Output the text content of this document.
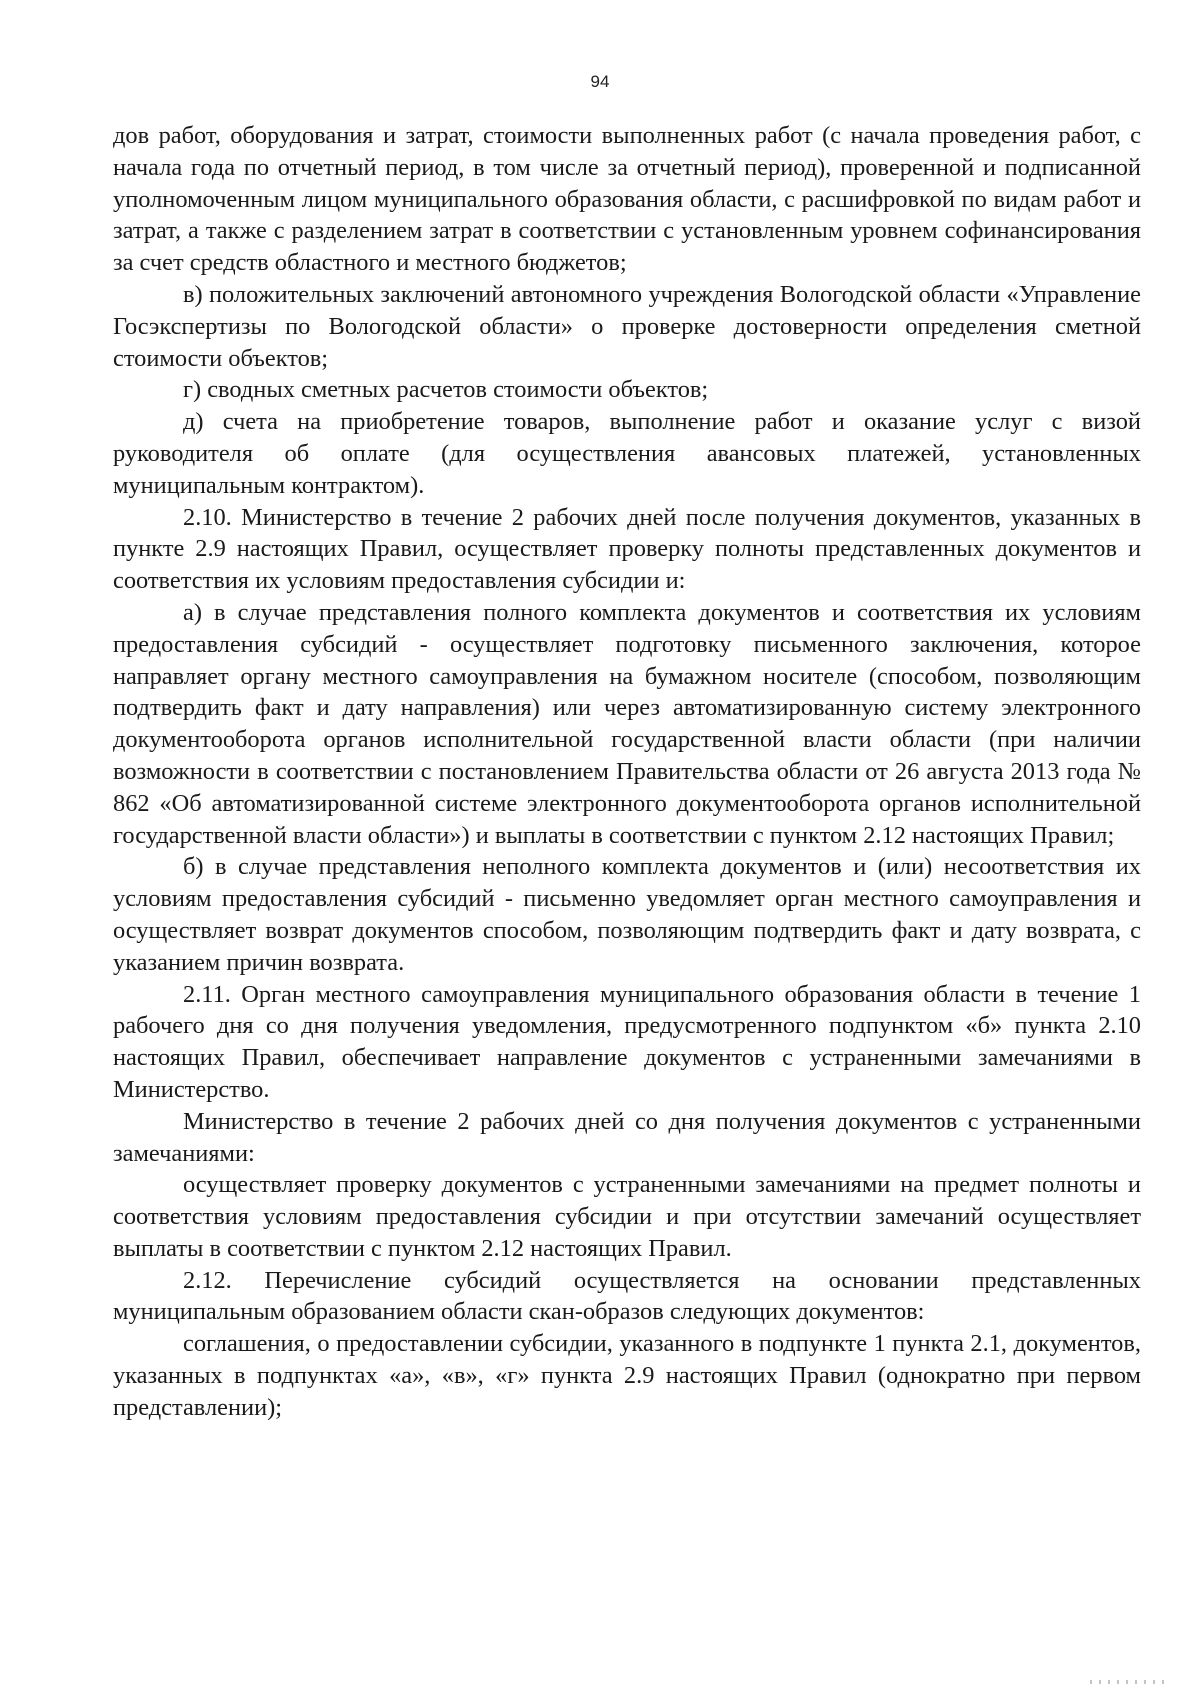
94

дов работ, оборудования и затрат, стоимости выполненных работ (с начала проведения работ, с начала года по отчетный период, в том числе за отчетный период), проверенной и подписанной уполномоченным лицом муниципального образования области, с расшифровкой по видам работ и затрат, а также с разделением затрат в соответствии с установленным уровнем софинансирования за счет средств областного и местного бюджетов;

в) положительных заключений автономного учреждения Вологодской области «Управление Госэкспертизы по Вологодской области» о проверке достоверности определения сметной стоимости объектов;

г) сводных сметных расчетов стоимости объектов;

д) счета на приобретение товаров, выполнение работ и оказание услуг с визой руководителя об оплате (для осуществления авансовых платежей, установленных муниципальным контрактом).

2.10. Министерство в течение 2 рабочих дней после получения документов, указанных в пункте 2.9 настоящих Правил, осуществляет проверку полноты представленных документов и соответствия их условиям предоставления субсидии и:

а) в случае представления полного комплекта документов и соответствия их условиям предоставления субсидий - осуществляет подготовку письменного заключения, которое направляет органу местного самоуправления на бумажном носителе (способом, позволяющим подтвердить факт и дату направления) или через автоматизированную систему электронного документооборота органов исполнительной государственной власти области (при наличии возможности в соответствии с постановлением Правительства области от 26 августа 2013 года № 862 «Об автоматизированной системе электронного документооборота органов исполнительной государственной власти области») и выплаты в соответствии с пунктом 2.12 настоящих Правил;

б) в случае представления неполного комплекта документов и (или) несоответствия их условиям предоставления субсидий - письменно уведомляет орган местного самоуправления и осуществляет возврат документов способом, позволяющим подтвердить факт и дату возврата, с указанием причин возврата.

2.11. Орган местного самоуправления муниципального образования области в течение 1 рабочего дня со дня получения уведомления, предусмотренного подпунктом «б» пункта 2.10 настоящих Правил, обеспечивает направление документов с устраненными замечаниями в Министерство.

Министерство в течение 2 рабочих дней со дня получения документов с устраненными замечаниями:

осуществляет проверку документов с устраненными замечаниями на предмет полноты и соответствия условиям предоставления субсидии и при отсутствии замечаний осуществляет выплаты в соответствии с пунктом 2.12 настоящих Правил.

2.12. Перечисление субсидий осуществляется на основании представленных муниципальным образованием области скан-образов следующих документов:

соглашения, о предоставлении субсидии, указанного в подпункте 1 пункта 2.1, документов, указанных в подпунктах «а», «в», «г» пункта 2.9 настоящих Правил (однократно при первом представлении);
